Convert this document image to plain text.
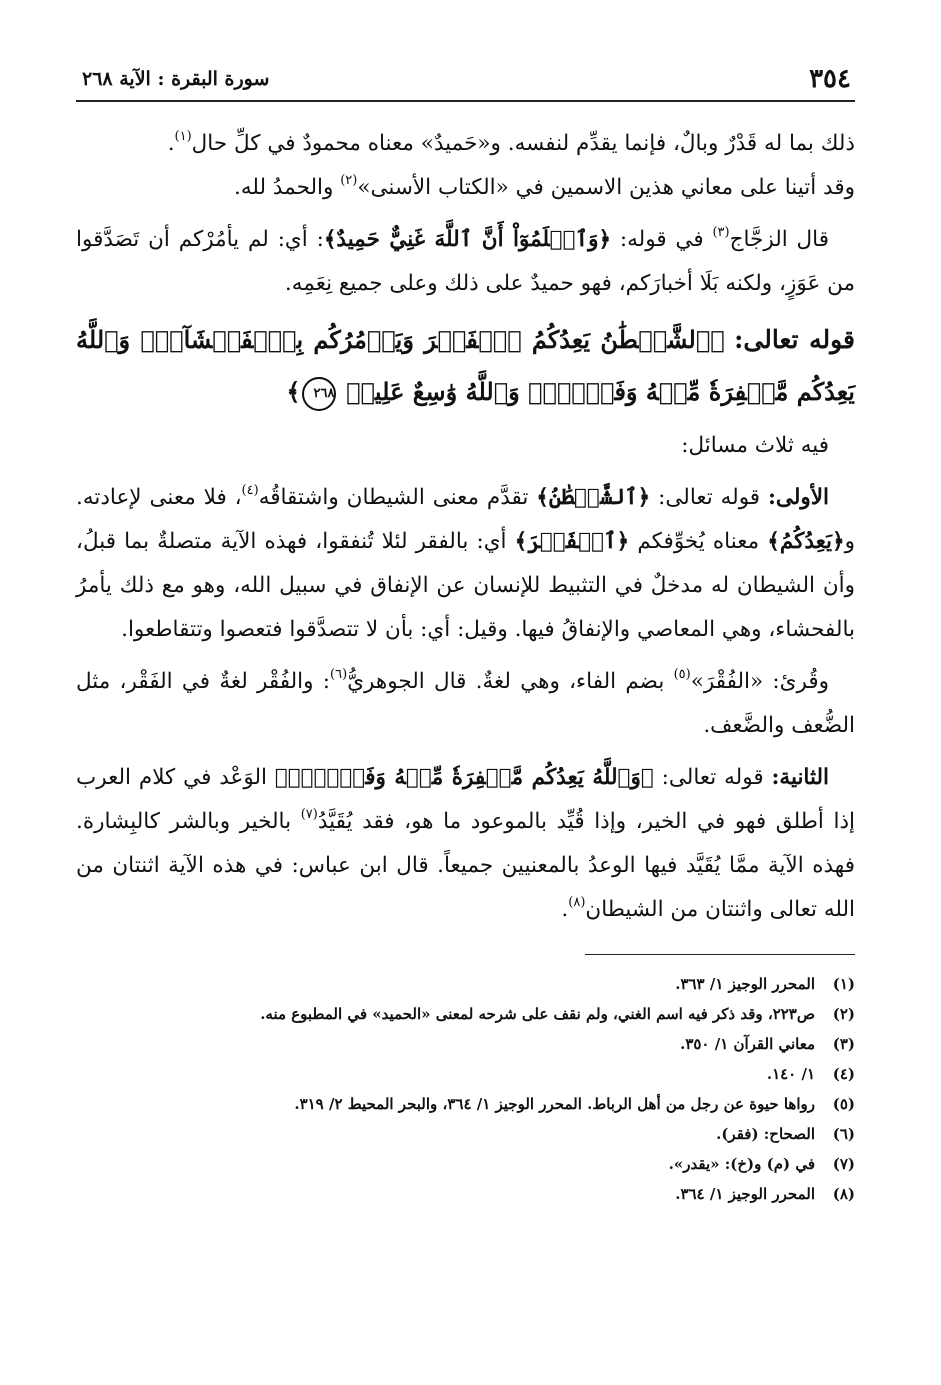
٣٥٤
سورة البقرة : الآية ٢٦٨

ذلك بما له قَدْرٌ وبالٌ، فإنما يقدِّم لنفسه. و«حَميدٌ» معناه محمودٌ في كلِّ حال$^{(١)}$.
وقد أتينا على معاني هذين الاسمين في «الكتاب الأسنى»$^{(٢)}$ والحمدُ لله.

قال الزجَّاج$^{(٣)}$ في قوله: ﴿وَٱعۡلَمُوٓاْ أَنَّ ٱللَّهَ غَنِيٌّ حَمِيدٌ﴾: أي: لم يأمُرْكم أن تَصَدَّقوا من عَوَزٍ، ولكنه بَلَا أخبارَكم، فهو حميدٌ على ذلك وعلى جميع نِعَمِه.

قوله تعالى: ﴿ٱلشَّيۡطَٰنُ يَعِدُكُمُ ٱلۡفَقۡرَ وَيَأۡمُرُكُم بِٱلۡفَحۡشَآءِۖ وَٱللَّهُ يَعِدُكُم مَّغۡفِرَةٗ مِّنۡهُ وَفَضۡلٗاۗ وَٱللَّهُ وَٰسِعٌ عَلِيمٞ ٢٦٨﴾

فيه ثلاث مسائل:

الأولى: قوله تعالى: ﴿ٱلشَّيۡطَٰنُ﴾ تقدَّم معنى الشيطان واشتقاقُه$^{(٤)}$، فلا معنى لإعادته. و﴿يَعِدُكُمُ﴾ معناه يُخوِّفكم ﴿ٱلۡفَقۡرَ﴾ أي: بالفقر لئلا تُنفقوا، فهذه الآية متصلةٌ بما قبلُ، وأن الشيطان له مدخلٌ في التثبيط للإنسان عن الإنفاق في سبيل الله، وهو مع ذلك يأمرُ بالفحشاء، وهي المعاصي والإنفاقُ فيها. وقيل: أي: بأن لا تتصدَّقوا فتعصوا وتتقاطعوا.

وقُرئ: «الفُقْرَ»$^{(٥)}$ بضم الفاء، وهي لغةٌ. قال الجوهريُّ$^{(٦)}$: والفُقْر لغةٌ في الفَقْر، مثل الضُّعف والضَّعف.

الثانية: قوله تعالى: ﴿وَٱللَّهُ يَعِدُكُم مَّغۡفِرَةٗ مِّنۡهُ وَفَضۡلٗاۗ﴾ الوَعْد في كلام العرب إذا أطلق فهو في الخير، وإذا قُيِّد بالموعود ما هو، فقد يُقَيَّدُ$^{(٧)}$ بالخير وبالشر كالبِشارة. فهذه الآية ممَّا يُقَيَّد فيها الوعدُ بالمعنيين جميعاً. قال ابن عباس: في هذه الآية اثنتان من الله تعالى واثنتان من الشيطان$^{(٨)}$.

(١)
المحرر الوجيز ١/ ٣٦٣.
(٢)
ص٢٢٣، وقد ذكر فيه اسم الغني، ولم نقف على شرحه لمعنى «الحميد» في المطبوع منه.
(٣)
معاني القرآن ١/ ٣٥٠.
(٤)
١/ ١٤٠.
(٥)
رواها حيوة عن رجل من أهل الرباط. المحرر الوجيز ١/ ٣٦٤، والبحر المحيط ٢/ ٣١٩.
(٦)
الصحاح: (فقر).
(٧)
في (م) و(خ): «يقدر».
(٨)
المحرر الوجيز ١/ ٣٦٤.
